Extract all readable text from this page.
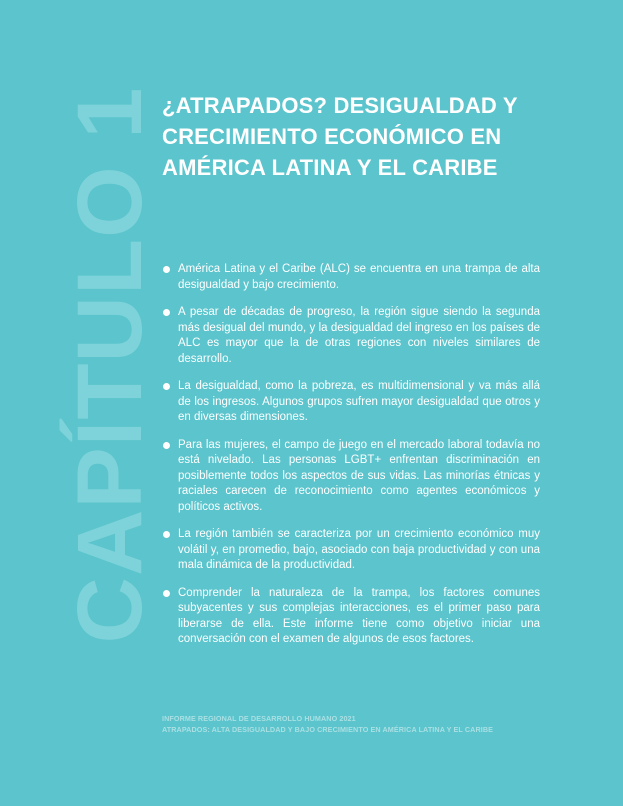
CAPÍTULO 1 ¿ATRAPADOS? DESIGUALDAD Y CRECIMIENTO ECONÓMICO EN AMÉRICA LATINA Y EL CARIBE
América Latina y el Caribe (ALC) se encuentra en una trampa de alta desigualdad y bajo crecimiento.
A pesar de décadas de progreso, la región sigue siendo la segunda más desigual del mundo, y la desigualdad del ingreso en los países de ALC es mayor que la de otras regiones con niveles similares de desarrollo.
La desigualdad, como la pobreza, es multidimensional y va más allá de los ingresos. Algunos grupos sufren mayor desigualdad que otros y en diversas dimensiones.
Para las mujeres, el campo de juego en el mercado laboral todavía no está nivelado. Las personas LGBT+ enfrentan discriminación en posiblemente todos los aspectos de sus vidas. Las minorías étnicas y raciales carecen de reconocimiento como agentes económicos y políticos activos.
La región también se caracteriza por un crecimiento económico muy volátil y, en promedio, bajo, asociado con baja productividad y con una mala dinámica de la productividad.
Comprender la naturaleza de la trampa, los factores comunes subyacentes y sus complejas interacciones, es el primer paso para liberarse de ella. Este informe tiene como objetivo iniciar una conversación con el examen de algunos de esos factores.
INFORME REGIONAL DE DESARROLLO HUMANO 2021
ATRAPADOS: ALTA DESIGUALDAD Y BAJO CRECIMIENTO EN AMÉRICA LATINA Y EL CARIBE
